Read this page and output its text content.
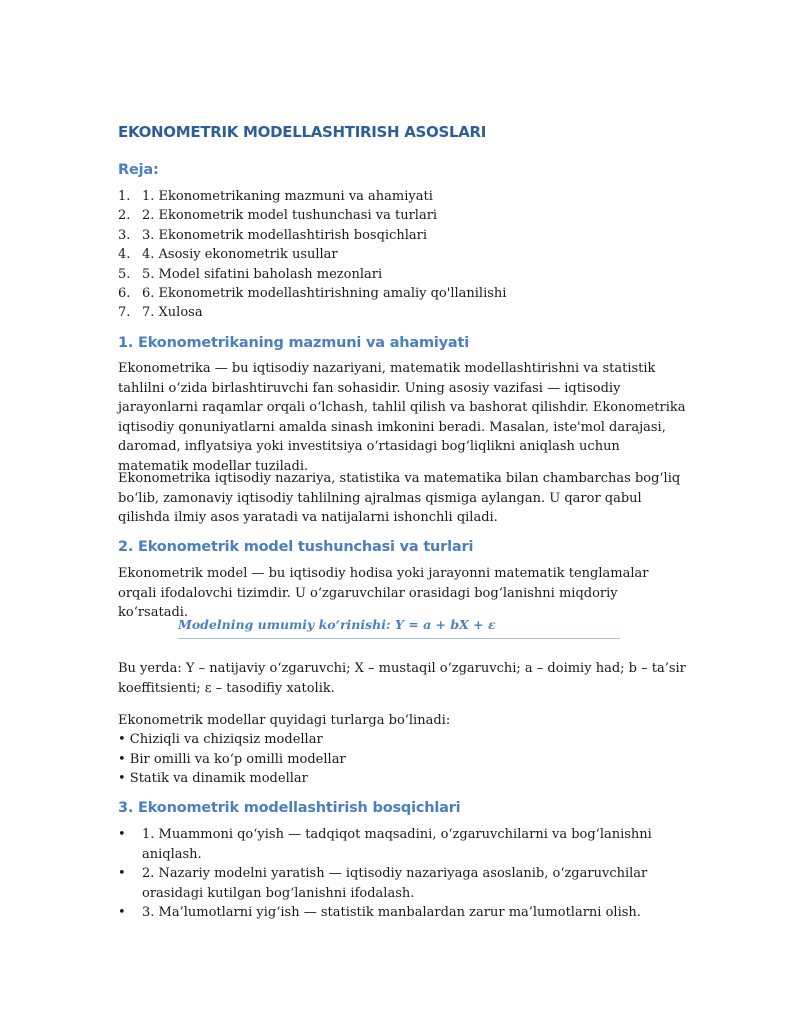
EKONOMETRIK MODELLASHTIRISH ASOSLARI
Reja:
1. 1. Ekonometrikaning mazmuni va ahamiyati
2. 2. Ekonometrik model tushunchasi va turlari
3. 3. Ekonometrik modellashtirish bosqichlari
4. 4. Asosiy ekonometrik usullar
5. 5. Model sifatini baholash mezonlari
6. 6. Ekonometrik modellashtirishning amaliy qo'llanilishi
7. 7. Xulosa
1. Ekonometrikaning mazmuni va ahamiyati

Ekonometrika — bu iqtisodiy nazariyani, matematik modellashtirishni va statistik tahlilni o‘zida birlashtiruvchi fan sohasidir. Uning asosiy vazifasi — iqtisodiy jarayonlarni raqamlar orqali o‘lchash, tahlil qilish va bashorat qilishdir. Ekonometrika iqtisodiy qonuniyatlarni amalda sinash imkonini beradi. Masalan, iste'mol darajasi, daromad, inflyatsiya yoki investitsiya o‘rtasidagi bog‘liqlikni aniqlash uchun matematik modellar tuziladi.

Ekonometrika iqtisodiy nazariya, statistika va matematika bilan chambarchas bog‘liq bo‘lib, zamonaviy iqtisodiy tahlilning ajralmas qismiga aylangan. U qaror qabul qilishda ilmiy asos yaratadi va natijalarni ishonchli qiladi.

2. Ekonometrik model tushunchasi va turlari

Ekonometrik model — bu iqtisodiy hodisa yoki jarayonni matematik tenglamalar orqali ifodalovchi tizimdir. U o‘zgaruvchilar orasidagi bog‘lanishni miqdoriy ko‘rsatadi.

Modelning umumiy ko‘rinishi: Y = a + bX + ε

Bu yerda: Y – natijaviy o‘zgaruvchi; X – mustaqil o‘zgaruvchi; a – doimiy had; b – ta’sir koeffitsienti; ε – tasodifiy xatolik.

Ekonometrik modellar quyidagi turlarga bo‘linadi:

• Chiziqli va chiziqsiz modellar
• Bir omilli va ko‘p omilli modellar
• Statik va dinamik modellar
3. Ekonometrik modellashtirish bosqichlari
• 1. Muammoni qo‘yish — tadqiqot maqsadini, o‘zgaruvchilarni va bog‘lanishni aniqlash.
• 2. Nazariy modelni yaratish — iqtisodiy nazariyaga asoslanib, o‘zgaruvchilar orasidagi kutilgan bog‘lanishni ifodalash.
• 3. Ma’lumotlarni yig‘ish — statistik manbalardan zarur ma’lumotlarni olish.
